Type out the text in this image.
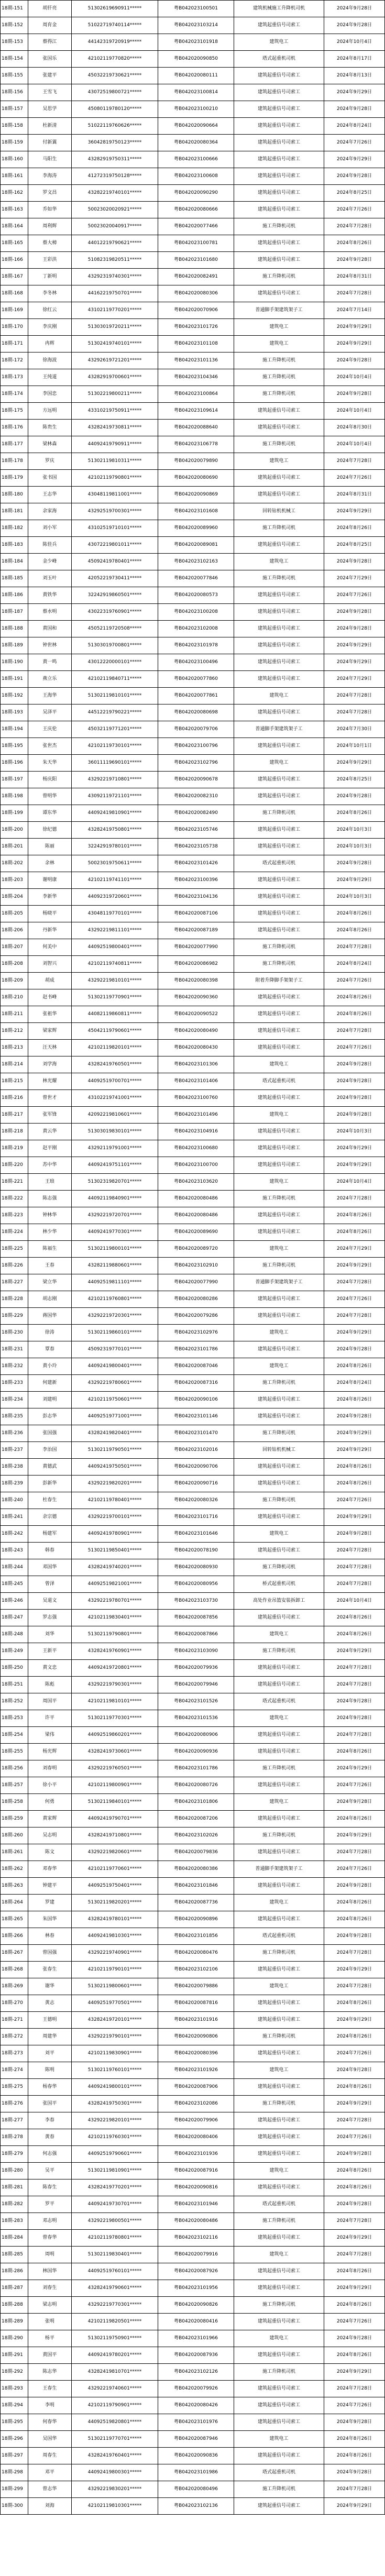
18期-151	胡仟亮	51302619690911*****	粤B042023100501	建筑机械施工升降机司机	2024年9月28日
18期-152	周育金	51022719740114*****	粤B042023103214	建筑起重信号司索工	2024年9月28日
18期-153	蔡得江	44142319720919*****	粤B042023101918	建筑电工	2024年10月4日
18期-154	张国乐	42102119770820*****	粤B042020090850	塔式起重机司机	2024年8月17日
18期-155	张建平	45032219730621*****	粤B042020080111	建筑起重信号司索工	2024年8月13日
18期-156	王雪飞	43072519800721*****	粤B042023100814	建筑起重信号司索工	2024年9月29日
18期-157	吴思学	45080119780120*****	粤B042023100210	建筑起重信号司索工	2024年9月28日
18期-158	杜新清	51022119760626*****	粤B042020090664	建筑起重信号司索工	2024年8月24日
18期-159	付新翼	36042819750123*****	粤B042020080364	建筑起重信号司索工	2024年7月26日
18期-160	马阳生	43282919750311*****	粤B042023100666	建筑起重信号司索工	2024年9月29日
18期-161	李海涛	41272319750128*****	粤B042023100608	建筑起重信号司索工	2024年9月28日
18期-162	罗文昌	43282219740101*****	粤B042020090290	建筑起重信号司索工	2024年8月25日
18期-163	乔如华	50023020020921*****	粤B042020080666	建筑起重信号司索工	2024年7月26日
18期-164	周利辉	50023020040917*****	粤B042020077466	施工升降机司机	2024年7月28日
18期-165	蔡大樟	44012219790621*****	粤B042023100781	建筑起重信号司索工	2024年8月26日
18期-166	王彩洪	51082319820511*****	粤B042023101680	建筑起重信号司索工	2024年9月28日
18期-167	丁新明	43292319740301*****	粤B042020082491	施工升降机司机	2024年8月31日
18期-168	李冬林	44162219750701*****	粤B042020080306	建筑起重信号司索工	2024年7月28日
18期-169	徐红云	43102119770201*****	粤B042020070906	普通脚手架建筑架子工	2024年7月14日
18期-170	李庆刚	51303019720211*****	粤B042023101726	建筑电工	2024年9月29日
18期-171	冉辉	51302419740101*****	粤B042023101108	建筑电工	2024年9月29日
18期-172	徐海波	43292619721201*****	粤B042023101136	施工升降机司机	2024年9月28日
18期-173	王纯道	43282919700601*****	粤B042023104346	施工升降机司机	2024年10月4日
18期-174	李国忠	51302219800211*****	粤B042023100864	施工升降机司机	2024年9月28日
18期-175	方远明	43310219750911*****	粤B042023109614	建筑起重信号司索工	2024年10月4日
18期-176	陈贵生	43282419730811*****	粤B042020088640	建筑起重信号司索工	2024年8月30日
18期-177	梁林森	44092419790911*****	粤B042023106778	施工升降机司机	2024年10月4日
18期-178	罗庆	51302119810311*****	粤B042020079890	建筑电工	2024年7月28日
18期-179	张书国	42102119790801*****	粤B042020080690	建筑起重信号司索工	2024年7月26日
18期-180	王志华	43048119811001*****	粤B042020090869	建筑起重信号司索工	2024年8月31日
18期-181	余家海	43292519700301*****	粤B042023101608	回转钻机机械工	2024年9月29日
18期-182	刘小军	43102519710101*****	粤B042020089960	施工升降机司机	2024年8月26日
18期-183	陈佳兵	43072219801011*****	粤B042020089081	建筑起重信号司索工	2024年8月25日
18期-184	金少峰	45092419780401*****	粤B042023102163	建筑电工	2024年9月28日
18期-185	刘玉叶	42052219730411*****	粤B042020077846	施工升降机司机	2024年7月29日
18期-186	黄铁华	32242919860501*****	粤B042020080573	建筑起重信号司索工	2024年7月26日
18期-187	蔡水明	43022319760901*****	粤B042023100208	建筑起重信号司索工	2024年9月28日
18期-188	黄国和	45052119720508*****	粤B042023102008	建筑起重信号司索工	2024年9月28日
18期-189	钟世林	51303019700801*****	粤B042023101978	建筑起重信号司索工	2024年9月29日
18期-190	黄一鸣	43012220000101*****	粤B042023100496	建筑起重信号司索工	2024年9月29日
18期-191	燕立乐	42102119840711*****	粤B042020077860	建筑起重信号司索工	2024年7月29日
18期-192	王海华	51302119810101*****	粤B042020077861	建筑电工	2024年7月28日
18期-193	吴泽平	44512219790221*****	粤B042020080698	建筑起重信号司索工	2024年7月28日
18期-194	王庆伦	45032119771201*****	粤B042020079706	普通脚手架建筑架子工	2024年7月30日
18期-195	张世杰	42102119730101*****	粤B042023100796	建筑起重信号司索工	2024年10月1日
18期-196	朱天华	36011119690101*****	粤B042023102796	建筑电工	2024年9月29日
18期-197	杨庆阳	43292219710801*****	粤B042020090678	建筑起重信号司索工	2024年8月25日
18期-198	曾明华	43092119721101*****	粤B042020082310	建筑起重信号司索工	2024年9月28日
18期-199	谭东华	44092419810901*****	粤B042020082490	施工升降机司机	2024年8月26日
18期-200	徐纪德	43282419750801*****	粤B042023105746	建筑起重信号司索工	2024年10月3日
18期-201	陈丽	32242919780101*****	粤B042023105738	建筑起重信号司索工	2024年10月3日
18期-202	余林	50023019750611*****	粤B042023101426	塔式起重机司机	2024年9月28日
18期-203	谢明康	42102119741101*****	粤B042023100396	建筑起重信号司索工	2024年9月29日
18期-204	李新华	44092319720601*****	粤B042023104136	建筑起重信号司索工	2024年10月3日
18期-205	杨晓平	43048119770101*****	粤B042020087106	建筑起重信号司索工	2024年8月26日
18期-206	丹新华	43292219811101*****	粤B042020087189	建筑起重信号司索工	2024年8月26日
18期-207	何美中	44092519800401*****	粤B042020077990	施工升降机司机	2024年7月28日
18期-208	刘智兴	42102119740811*****	粤B042020086982	施工升降机司机	2024年8月24日
18期-209	胡成	43292219810101*****	粤B042020080398	附着升降脚手架架子工	2024年7月26日
18期-210	赵书峰	51302119770901*****	粤B042020090360	建筑起重信号司索工	2024年8月26日
18期-211	张祖华	44082119860811*****	粤B042020090522	建筑起重信号司索工	2024年8月26日
18期-212	梁家辉	45042119790601*****	粤B042020080490	建筑起重信号司索工	2024年7月28日
18期-213	汪天林	42102119820101*****	粤B042020080430	建筑起重信号司索工	2024年7月26日
18期-214	刘学海	43282419760501*****	粤B042023101306	建筑电工	2024年9月28日
18期-215	林光耀	44092519700701*****	粤B042023101406	塔式起重机司机	2024年9月28日
18期-216	曾世才	43102219741001*****	粤B042023100760	建筑起重信号司索工	2024年9月28日
18期-217	张军锋	42092219810601*****	粤B042023101496	建筑电工	2024年9月28日
18期-218	黄云华	51303019830101*****	粤B042023104916	建筑起重信号司索工	2024年10月3日
18期-219	赵平刚	43292119791001*****	粤B042023100680	建筑起重信号司索工	2024年9月29日
18期-220	苏中华	44092419751101*****	粤B042023100700	建筑起重信号司索工	2024年9月29日
18期-221	王琅	51302319820701*****	粤B042023103620	建筑电工	2024年10月4日
18期-222	陈志强	44092119840901*****	粤B042020080486	施工升降机司机	2024年7月28日
18期-223	钟林华	43292219720701*****	粤B042020080486	建筑起重信号司索工	2024年8月26日
18期-224	林少华	44092419770301*****	粤B042020089690	建筑起重信号司索工	2024年8月26日
18期-225	陈福生	51302119800101*****	粤B042020089720	建筑电工	2024年7月29日
18期-226	王春	43282119880601*****	粤B042023102910	施工升降机司机	2024年9月29日
18期-227	梁立华	44092519811101*****	粤B042020077990	普通脚手架建筑架子工	2024年7月28日
18期-228	胡志刚	42102119760801*****	粤B042020080286	建筑起重信号司索工	2024年7月26日
18期-229	蒋国华	43292219720301*****	粤B042020079286	建筑起重信号司索工	2024年7月28日
18期-230	徐涛	51302119860101*****	粤B042023102976	建筑电工	2024年9月29日
18期-231	覃春	45092319770101*****	粤B042023101786	建筑起重信号司索工	2024年9月28日
18期-232	黄小玲	44092419800401*****	粤B042020087046	建筑电工	2024年8月26日
18期-233	何建新	43292219780601*****	粤B042020087316	施工升降机司机	2024年8月24日
18期-234	刘建明	42102119750601*****	粤B042020090106	建筑起重信号司索工	2024年8月26日
18期-235	彭志华	44092519771001*****	粤B042023101146	建筑起重信号司索工	2024年9月28日
18期-236	张国强	43282419820401*****	粤B042023101470	施工升降机司机	2024年9月29日
18期-237	李治国	51302119790501*****	粤B042023102016	回转钻机机械工	2024年9月29日
18期-238	黄德武	44092419750501*****	粤B042020090706	建筑起重信号司索工	2024年8月26日
18期-239	彭新华	43292219820201*****	粤B042020090716	建筑起重信号司索工	2024年8月26日
18期-240	杜春生	42102119780401*****	粤B042020080326	施工升降机司机	2024年7月26日
18期-241	余宗德	43292219700101*****	粤B042023101716	建筑起重信号司索工	2024年9月29日
18期-242	杨建军	44092419780901*****	粤B042023101646	建筑电工	2024年9月28日
18期-243	韩春	51302119850401*****	粤B042020078190	建筑起重信号司索工	2024年7月28日
18期-244	邓国华	43282419740201*****	粤B042020080930	施工升降机司机	2024年7月28日
18期-245	曾泽	44092519821001*****	粤B042020080956	桥式起重机司机	2024年7月28日
18期-246	吴道文	43292219780701*****	粤B042023103730	高处作业吊篮安装拆卸工	2024年10月4日
18期-247	罗志强	42102119830401*****	粤B042020087856	建筑起重信号司索工	2024年8月26日
18期-248	刘华	51302119790801*****	粤B042020087866	建筑电工	2024年8月26日
18期-249	王新平	43282419760901*****	粤B042023103090	施工升降机司机	2024年9月29日
18期-250	黄文忠	44092419720801*****	粤B042020079936	建筑起重信号司索工	2024年7月28日
18期-251	陈彪	43292219790301*****	粤B042020079946	建筑起重信号司索工	2024年7月28日
18期-252	周国平	42102119810101*****	粤B042023101526	塔式起重机司机	2024年9月28日
18期-253	许平	51302119770301*****	粤B042023101536	建筑电工	2024年9月28日
18期-254	梁伟	44092519860201*****	粤B042020080906	建筑起重信号司索工	2024年7月28日
18期-255	杨光辉	43282419730601*****	粤B042020090936	建筑起重信号司索工	2024年8月26日
18期-256	刘春明	43292219760501*****	粤B042023101786	施工升降机司机	2024年9月29日
18期-257	徐小平	42102119800901*****	粤B042020080726	建筑起重信号司索工	2024年7月26日
18期-258	何勇	51302119840101*****	粤B042023101806	建筑电工	2024年9月28日
18期-259	黄家辉	44092419790701*****	粤B042020087206	建筑起重信号司索工	2024年8月26日
18期-260	吴志明	43282419710801*****	粤B042023102026	施工升降机司机	2024年9月29日
18期-261	陈文	43292219820601*****	粤B042020079836	建筑起重信号司索工	2024年7月28日
18期-262	邓春华	42102119770601*****	粤B042020080386	普通脚手架建筑架子工	2024年7月26日
18期-263	钟建平	44092519750401*****	粤B042023101846	建筑起重信号司索工	2024年9月28日
18期-264	罗建	51302119820201*****	粤B042020087736	建筑电工	2024年8月26日
18期-265	朱国华	43282419780101*****	粤B042020090896	建筑起重信号司索工	2024年8月26日
18期-266	林春	44092419810301*****	粤B042023101856	塔式起重机司机	2024年9月28日
18期-267	曾国强	43292219740901*****	粤B042020080476	施工升降机司机	2024年7月28日
18期-268	张春生	42102119790101*****	粤B042023102106	建筑起重信号司索工	2024年9月29日
18期-269	谢华	51302119800601*****	粤B042020079886	建筑电工	2024年7月28日
18期-270	黄志	44092519770501*****	粤B042020087816	建筑起重信号司索工	2024年8月26日
18期-271	王德明	43282419720101*****	粤B042023101916	建筑起重信号司索工	2024年9月29日
18期-272	周建华	43292219790101*****	粤B042020090806	施工升降机司机	2024年8月26日
18期-273	刘平	42102119830901*****	粤B042020080396	建筑起重信号司索工	2024年7月26日
18期-274	陈明	51302119760101*****	粤B042023101926	建筑电工	2024年9月28日
18期-275	杨春华	44092419800101*****	粤B042020087906	建筑起重信号司索工	2024年8月26日
18期-276	张国平	43282419750301*****	粤B042023102086	施工升降机司机	2024年9月29日
18期-277	李春	43292219820101*****	粤B042020079906	建筑起重信号司索工	2024年7月28日
18期-278	黄春	42102119760301*****	粤B042020080406	建筑起重信号司索工	2024年7月26日
18期-279	何志强	44092519790601*****	粤B042023101936	建筑起重信号司索工	2024年9月28日
18期-280	吴平	51302119810901*****	粤B042020087916	建筑电工	2024年8月26日
18期-281	陈春生	43282419770201*****	粤B042020090816	建筑起重信号司索工	2024年8月26日
18期-282	罗平	44092419730701*****	粤B042023101946	塔式起重机司机	2024年9月28日
18期-283	邓志明	43292219800501*****	粤B042020080486	施工升降机司机	2024年7月28日
18期-284	曾春华	42102119780801*****	粤B042023102116	建筑起重信号司索工	2024年9月29日
18期-285	周明	51302119830401*****	粤B042020079916	建筑电工	2024年7月28日
18期-286	林国华	44092519760101*****	粤B042020087926	建筑起重信号司索工	2024年8月26日
18期-287	刘春生	43282419790601*****	粤B042023101956	建筑起重信号司索工	2024年9月29日
18期-288	梁志明	43292219770301*****	粤B042020090826	施工升降机司机	2024年8月26日
18期-289	张明	42102119820501*****	粤B042020080416	建筑起重信号司索工	2024年7月26日
18期-290	杨平	51302119750901*****	粤B042023101966	建筑电工	2024年9月28日
18期-291	黄国平	44092419780201*****	粤B042020087936	建筑起重信号司索工	2024年8月26日
18期-292	陈志华	43282419810701*****	粤B042023102126	施工升降机司机	2024年9月29日
18期-293	王春生	43292219740601*****	粤B042020079926	建筑起重信号司索工	2024年7月28日
18期-294	李明	42102119790901*****	粤B042020080426	建筑起重信号司索工	2024年7月26日
18期-295	何春华	44092519820801*****	粤B042023101976	建筑起重信号司索工	2024年9月28日
18期-296	吴国华	51302119770701*****	粤B042020087946	建筑电工	2024年8月26日
18期-297	周春生	43282419760401*****	粤B042020090836	建筑起重信号司索工	2024年8月26日
18期-298	邓平	44092419800301*****	粤B042023101986	塔式起重机司机	2024年9月28日
18期-299	曾志华	43292219830201*****	粤B042020080496	施工升降机司机	2024年7月28日
18期-300	刘海	42102119810301*****	粤B042023102136	建筑起重信号司索工	2024年9月29日
